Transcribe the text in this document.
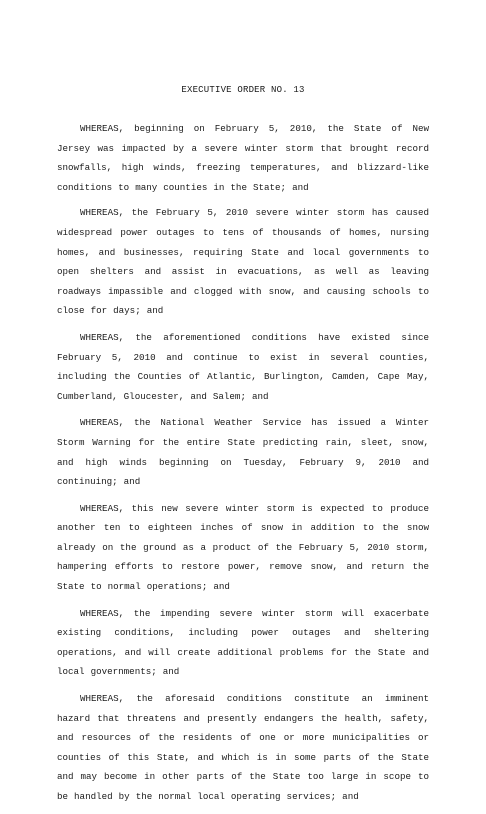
EXECUTIVE ORDER NO. 13

WHEREAS, beginning on February 5, 2010, the State of New Jersey was impacted by a severe winter storm that brought record snowfalls, high winds, freezing temperatures, and blizzard-like conditions to many counties in the State; and

WHEREAS, the February 5, 2010 severe winter storm has caused widespread power outages to tens of thousands of homes, nursing homes, and businesses, requiring State and local governments to open shelters and assist in evacuations, as well as leaving roadways impassible and clogged with snow, and causing schools to close for days; and

WHEREAS, the aforementioned conditions have existed since February 5, 2010 and continue to exist in several counties, including the Counties of Atlantic, Burlington, Camden, Cape May, Cumberland, Gloucester, and Salem; and

WHEREAS, the National Weather Service has issued a Winter Storm Warning for the entire State predicting rain, sleet, snow, and high winds beginning on Tuesday, February 9, 2010 and continuing; and

WHEREAS, this new severe winter storm is expected to produce another ten to eighteen inches of snow in addition to the snow already on the ground as a product of the February 5, 2010 storm, hampering efforts to restore power, remove snow, and return the State to normal operations; and

WHEREAS, the impending severe winter storm will exacerbate existing conditions, including power outages and sheltering operations, and will create additional problems for the State and local governments; and

WHEREAS, the aforesaid conditions constitute an imminent hazard that threatens and presently endangers the health, safety, and resources of the residents of one or more municipalities or counties of this State, and which is in some parts of the State and may become in other parts of the State too large in scope to be handled by the normal local operating services; and
